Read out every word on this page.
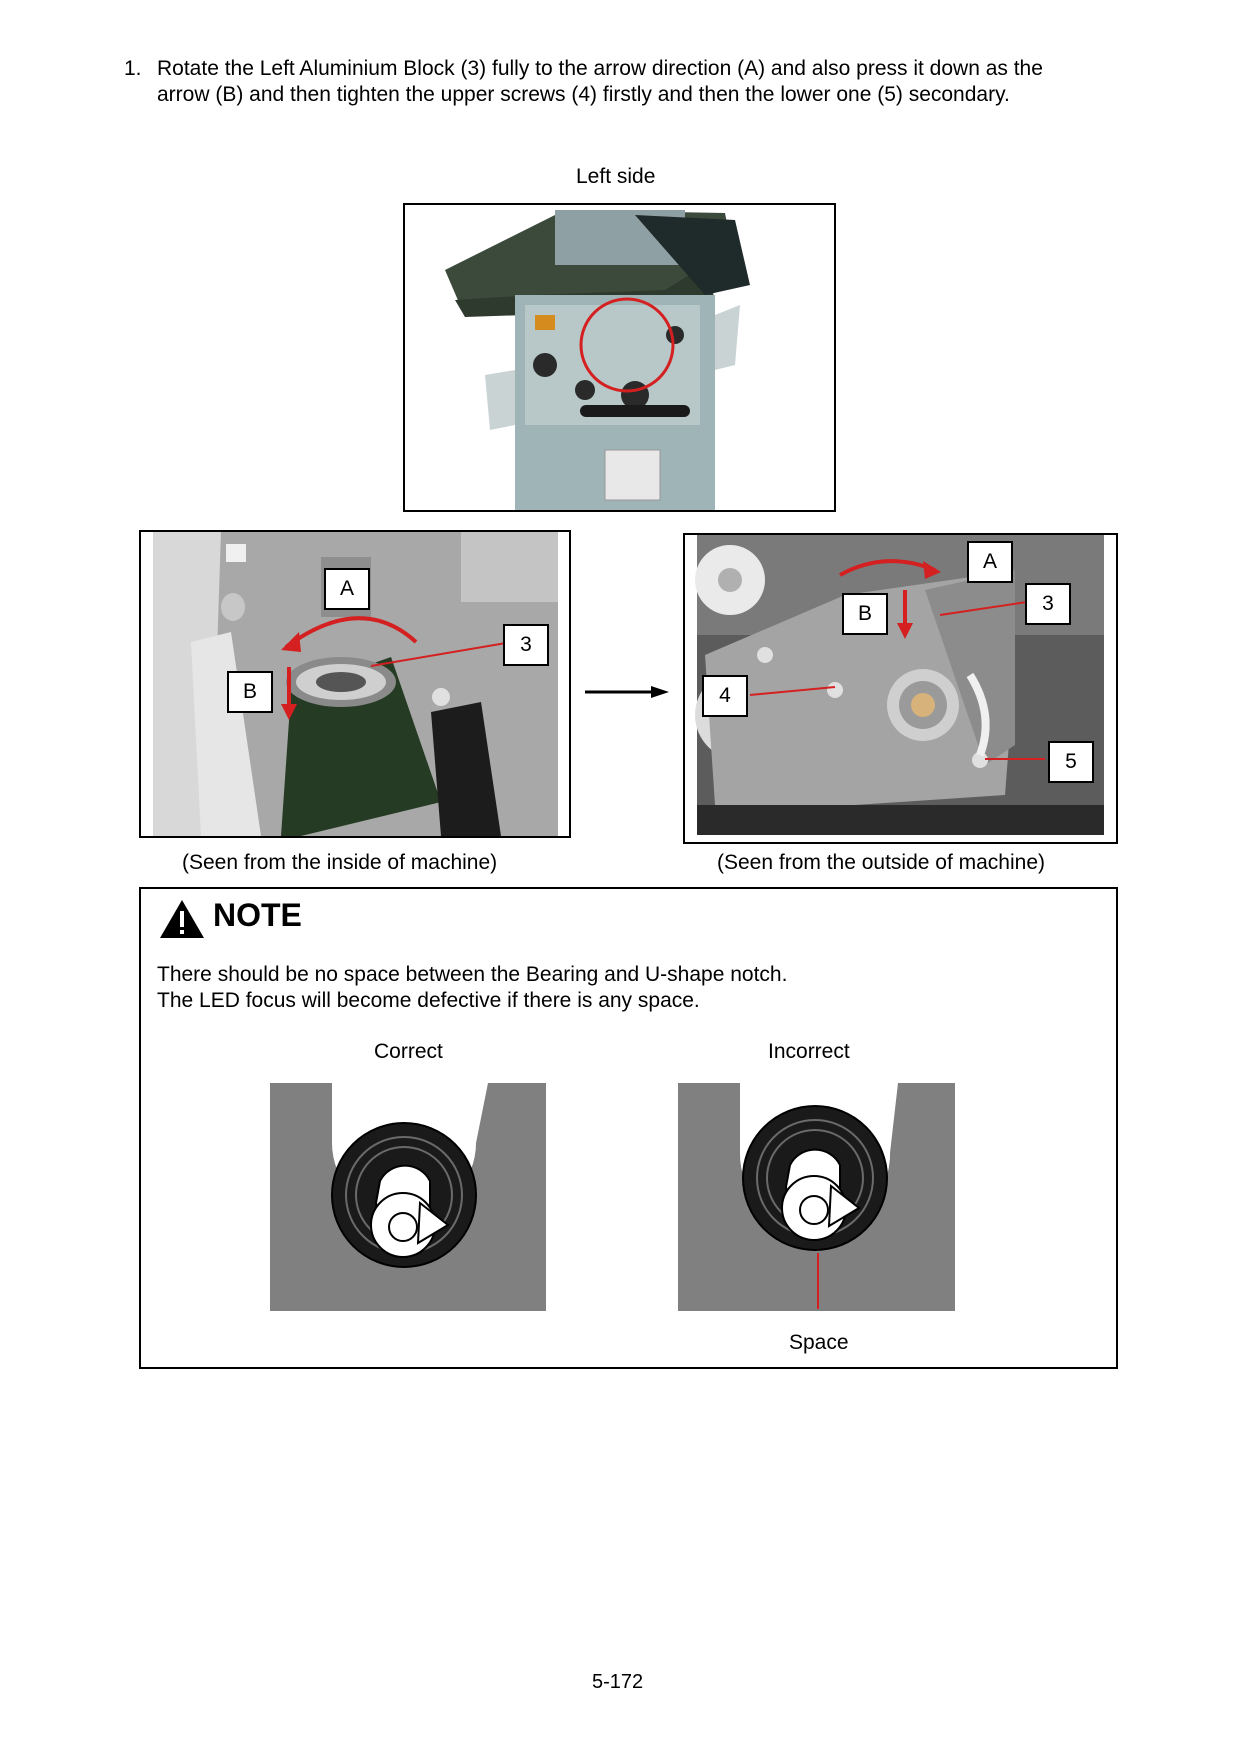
1. Rotate the Left Aluminium Block (3) fully to the arrow direction (A) and also press it down as the arrow (B) and then tighten the upper screws (4) firstly and then the lower one (5) secondary.
Left side
A
3
B
A
3
B
4
5
(Seen from the inside of machine)	(Seen from the outside of machine)
NOTE
There should be no space between the Bearing and U-shape notch.
The LED focus will become defective if there is any space.
Correct	Incorrect
Space
5-172
